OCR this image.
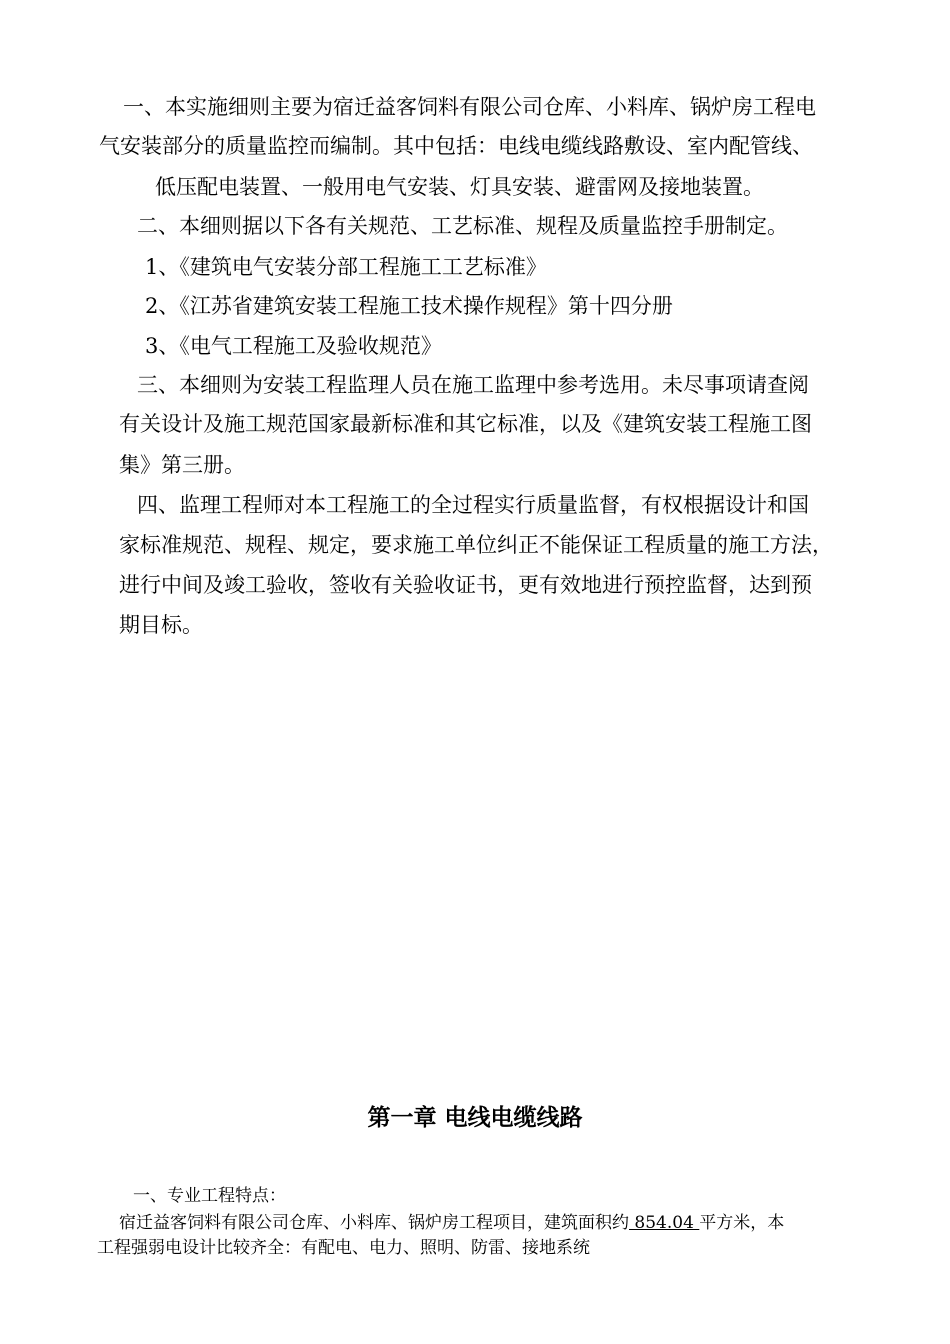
一、本实施细则主要为宿迁益客饲料有限公司仓库、小料库、锅炉房工程电
气安装部分的质量监控而编制。其中包括：电线电缆线路敷设、室内配管线、
低压配电装置、一般用电气安装、灯具安装、避雷网及接地装置。
二、本细则据以下各有关规范、工艺标准、规程及质量监控手册制定。
1、《建筑电气安装分部工程施工工艺标准》
2、《江苏省建筑安装工程施工技术操作规程》第十四分册
3、《电气工程施工及验收规范》
三、本细则为安装工程监理人员在施工监理中参考选用。未尽事项请查阅
有关设计及施工规范国家最新标准和其它标准，以及《建筑安装工程施工图
集》第三册。
四、监理工程师对本工程施工的全过程实行质量监督，有权根据设计和国
家标准规范、规程、规定，要求施工单位纠正不能保证工程质量的施工方法，
进行中间及竣工验收，签收有关验收证书，更有效地进行预控监督，达到预
期目标。
第一章 电线电缆线路
一、专业工程特点：
宿迁益客饲料有限公司仓库、小料库、锅炉房工程项目，建筑面积约 854.04 平方米，本
工程强弱电设计比较齐全：有配电、电力、照明、防雷、接地系统
